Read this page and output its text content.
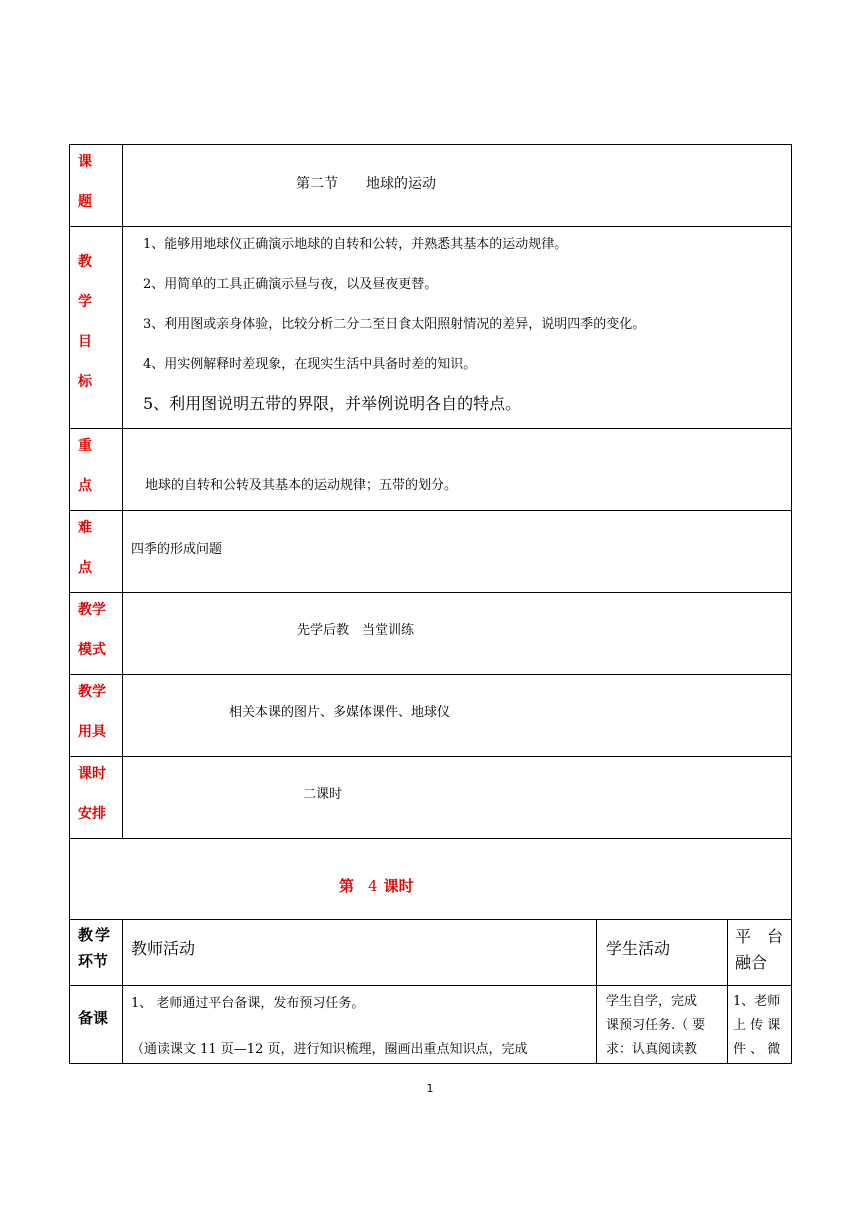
课
题
第二节　　地球的运动
教
学
目
标
1、能够用地球仪正确演示地球的自转和公转，并熟悉其基本的运动规律。
2、用简单的工具正确演示昼与夜，以及昼夜更替。
3、利用图或亲身体验，比较分析二分二至日食太阳照射情况的差异，说明四季的变化。
4、用实例解释时差现象，在现实生活中具备时差的知识。
5、利用图说明五带的界限，并举例说明各自的特点。
重
点	地球的自转和公转及其基本的运动规律；五带的划分。
难
点
四季的形成问题
教学
模式
先学后教　当堂训练
教学
用具
相关本课的图片、多媒体课件、地球仪
课时
安排
二课时
第 4 课时
教学
环节
教师活动	学生活动
平　台
融合
备课
1、 老师通过平台备课，发布预习任务。
（通读课文 11 页—12 页，进行知识梳理，圈画出重点知识点，完成
学生自学，完成
课预习任务.（ 要
求：认真阅读教
1、老师
上 传 课
件 、 微
1
